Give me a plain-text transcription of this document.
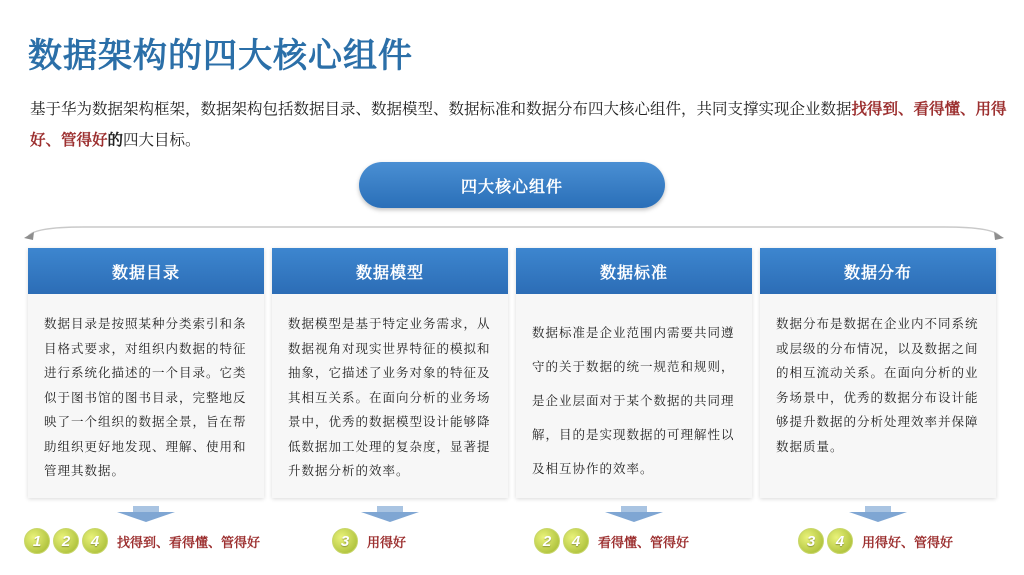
数据架构的四大核心组件
基于华为数据架构框架，数据架构包括数据目录、数据模型、数据标准和数据分布四大核心组件，共同支撑实现企业数据找得到、看得懂、用得好、管得好的四大目标。
四大核心组件
数据目录
数据目录是按照某种分类索引和条目格式要求，对组织内数据的特征进行系统化描述的一个目录。它类似于图书馆的图书目录，完整地反映了一个组织的数据全景，旨在帮助组织更好地发现、理解、使用和管理其数据。
数据模型
数据模型是基于特定业务需求，从数据视角对现实世界特征的模拟和抽象，它描述了业务对象的特征及其相互关系。在面向分析的业务场景中，优秀的数据模型设计能够降低数据加工处理的复杂度，显著提升数据分析的效率。
数据标准
数据标准是企业范围内需要共同遵守的关于数据的统一规范和规则，是企业层面对于某个数据的共同理解，目的是实现数据的可理解性以及相互协作的效率。
数据分布
数据分布是数据在企业内不同系统或层级的分布情况，以及数据之间的相互流动关系。在面向分析的业务场景中，优秀的数据分布设计能够提升数据的分析处理效率并保障数据质量。
1	2	4	找得到、看得懂、管得好	3	用得好	2	4	看得懂、管得好	3	4	用得好、管得好
